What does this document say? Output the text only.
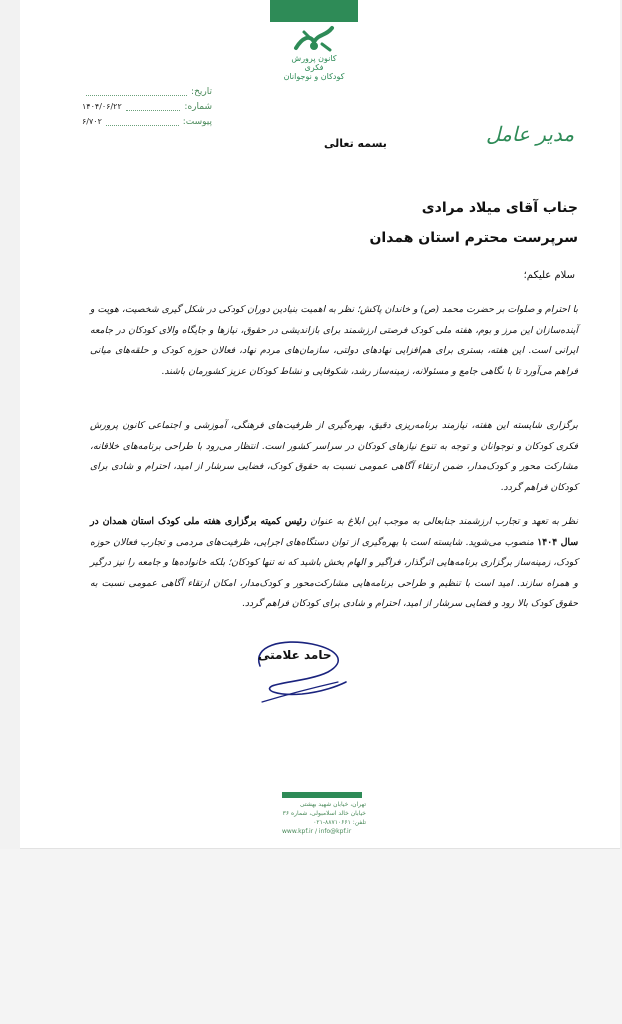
کانون پرورش فکری
کودکان و نوجوانان
تاریخ:
شماره:
۱۴۰۴/۰۶/۲۲
پیوست:
۶/۷۰۲
مدیر عامل
بسمه تعالی
جناب آقای میلاد مرادی
سرپرست محترم استان همدان
سلام علیکم؛
با احترام و صلوات بر حضرت محمد (ص) و خاندان پاکش؛ نظر به اهمیت بنیادین دوران کودکی در شکل گیری شخصیت، هویت و آینده‌سازان این مرز و بوم، هفته ملی کودک فرصتی ارزشمند برای بازاندیشی در حقوق، نیازها و جایگاه والای کودکان در جامعه ایرانی است. این هفته، بستری برای هم‌افزایی نهادهای دولتی، سازمان‌های مردم نهاد، فعالان حوزه کودک و حلقه‌های میانی فراهم می‌آورد تا با نگاهی جامع و مسئولانه، زمینه‌ساز رشد، شکوفایی و نشاط کودکان عزیز کشورمان باشند.
برگزاری شایسته این هفته، نیازمند برنامه‌ریزی دقیق، بهره‌گیری از ظرفیت‌های فرهنگی، آموزشی و اجتماعی کانون پرورش فکری کودکان و نوجوانان و توجه به تنوع نیازهای کودکان در سراسر کشور است. انتظار می‌رود با طراحی برنامه‌های خلاقانه، مشارکت محور و کودک‌مدار، ضمن ارتقاء آگاهی عمومی نسبت به حقوق کودک، فضایی سرشار از امید، احترام و شادی برای کودکان فراهم گردد.
نظر به تعهد و تجارب ارزشمند جنابعالی به موجب این ابلاغ به عنوان رئیس کمیته برگزاری هفته ملی کودک استان همدان در سال ۱۴۰۴ منصوب می‌شوید. شایسته است با بهره‌گیری از توان دستگاه‌های اجرایی، ظرفیت‌های مردمی و تجارب فعالان حوزه کودک، زمینه‌ساز برگزاری برنامه‌هایی اثرگذار، فراگیر و الهام بخش باشید که نه تنها کودکان؛ بلکه خانواده‌ها و جامعه را نیز درگیر و همراه سازند. امید است با تنظیم و طراحی برنامه‌هایی مشارکت‌محور و کودک‌مدار، امکان ارتقاء آگاهی عمومی نسبت به حقوق کودک بالا رود و فضایی سرشار از امید، احترام و شادی برای کودکان فراهم گردد.
حامد علامتی
تهران، خیابان شهید بهشتی
خیابان خالد اسلامبولی، شماره ۳۶
تلفن: ۸۸۷۱۰۶۶۱-۰۲۱
www.kpf.ir / info@kpf.ir
